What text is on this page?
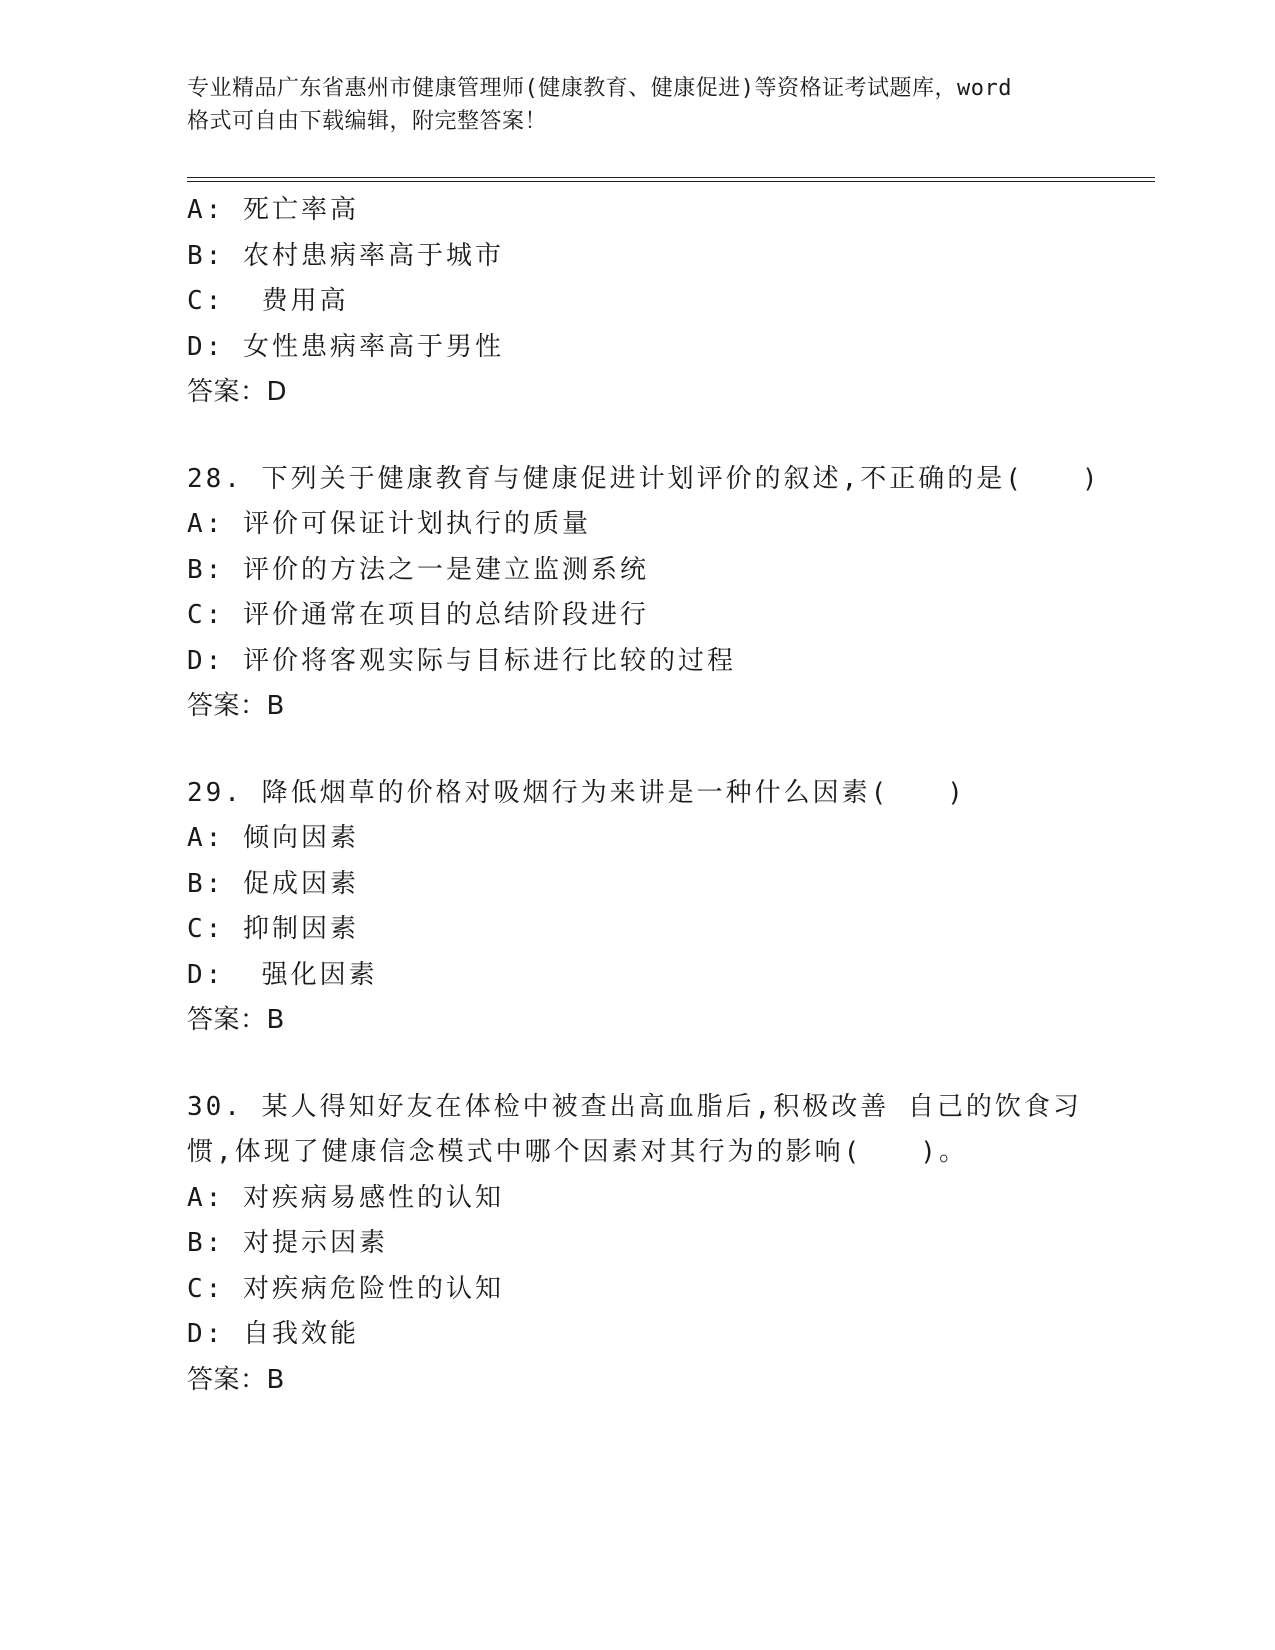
专业精品广东省惠州市健康管理师(健康教育、健康促进)等资格证考试题库，word
格式可自由下载编辑，附完整答案！
A: 死亡率高
B: 农村患病率高于城市
C:  费用高
D: 女性患病率高于男性
答案：D
28. 下列关于健康教育与健康促进计划评价的叙述,不正确的是(　　)
A: 评价可保证计划执行的质量
B: 评价的方法之一是建立监测系统
C: 评价通常在项目的总结阶段进行
D: 评价将客观实际与目标进行比较的过程
答案：B
29. 降低烟草的价格对吸烟行为来讲是一种什么因素(　　)
A: 倾向因素
B: 促成因素
C: 抑制因素
D:  强化因素
答案：B
30. 某人得知好友在体检中被查出高血脂后,积极改善 自己的饮食习
惯,体现了健康信念模式中哪个因素对其行为的影响(　　)。
A: 对疾病易感性的认知
B: 对提示因素
C: 对疾病危险性的认知
D: 自我效能
答案：B
